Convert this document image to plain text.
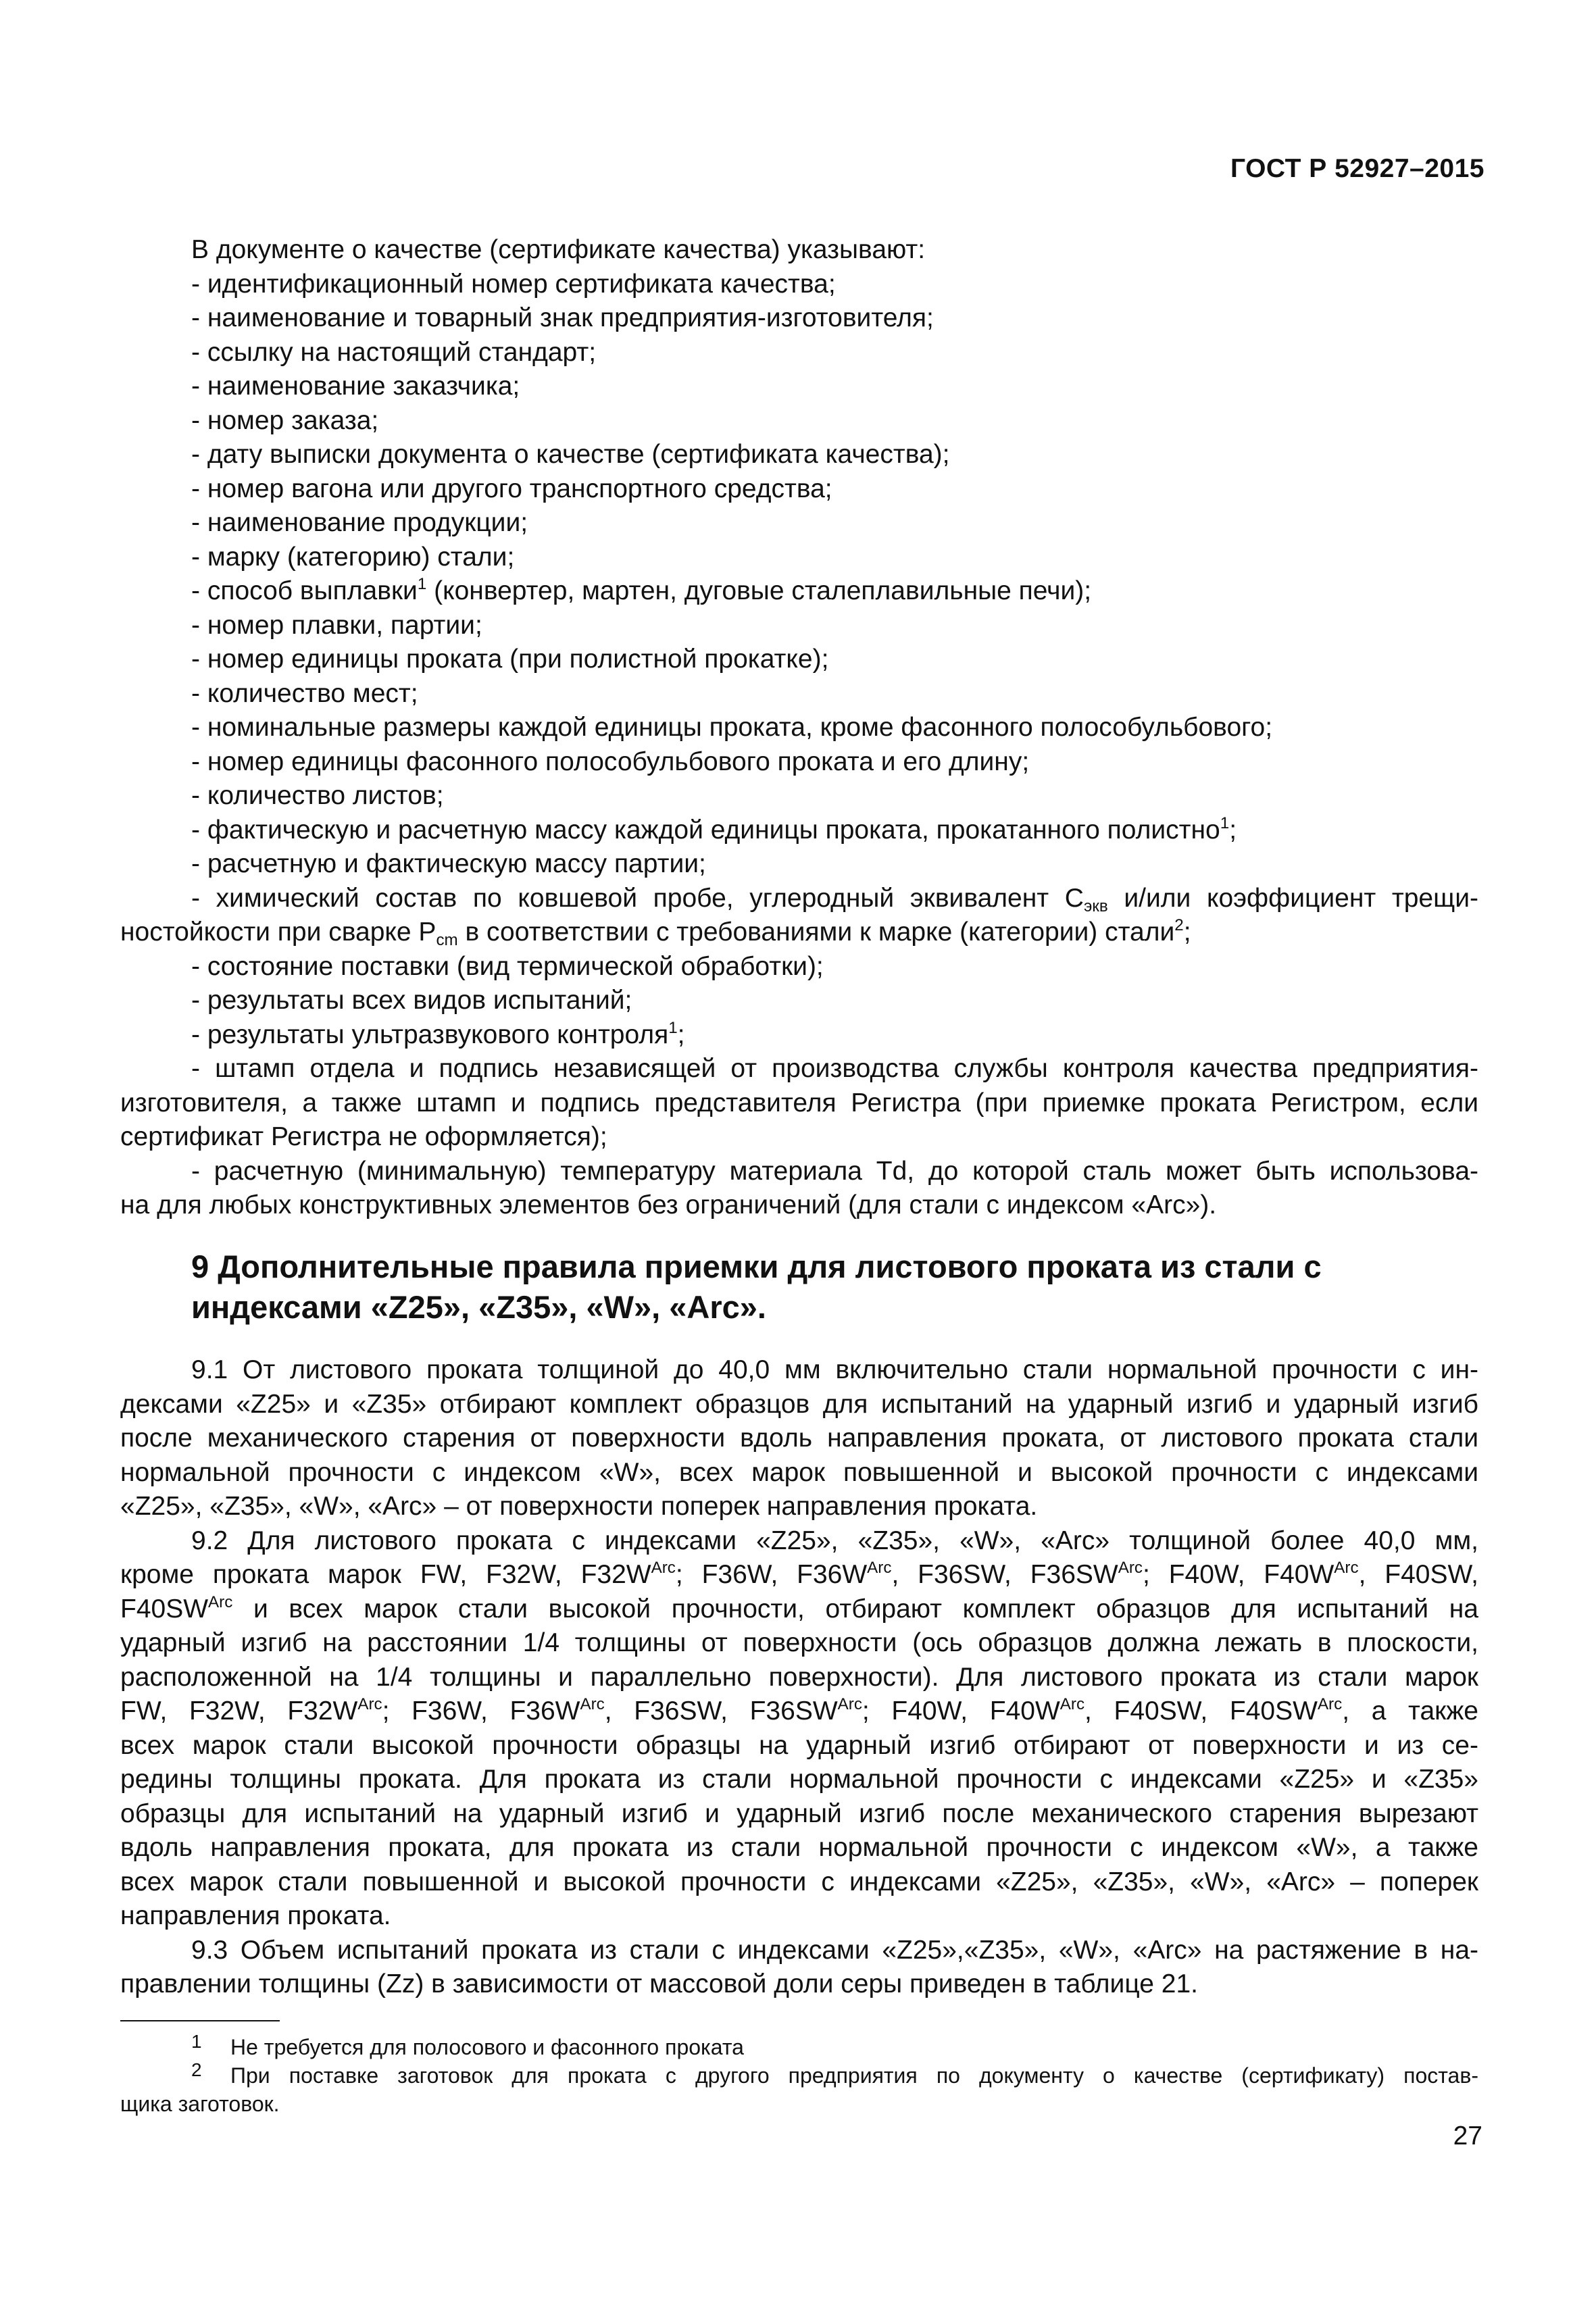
ГОСТ Р 52927–2015
В документе о качестве (сертификате качества) указывают:
- идентификационный номер сертификата качества;
- наименование и товарный знак предприятия-изготовителя;
- ссылку на настоящий стандарт;
- наименование заказчика;
- номер заказа;
- дату выписки документа о качестве (сертификата качества);
- номер вагона или другого транспортного средства;
- наименование продукции;
- марку (категорию) стали;
- способ выплавки$^1$ (конвертер, мартен, дуговые сталеплавильные печи);
- номер плавки, партии;
- номер единицы проката (при полистной прокатке);
- количество мест;
- номинальные размеры каждой единицы проката, кроме фасонного полособульбового;
- номер единицы фасонного полособульбового проката и его длину;
- количество листов;
- фактическую и расчетную массу каждой единицы проката, прокатанного полистно$^1$;
- расчетную и фактическую массу партии;
- химический состав по ковшевой пробе, углеродный эквивалент $C_{экв}$ и/или коэффициент трещи-
ностойкости при сварке $P_{cm}$ в соответствии с требованиями к марке (категории) стали$^2$;
- состояние поставки (вид термической обработки);
- результаты всех видов испытаний;
- результаты ультразвукового контроля$^1$;
- штамп отдела и подпись независящей от производства службы контроля качества предприятия-
изготовителя, а также штамп и подпись представителя Регистра (при приемке проката Регистром, если
сертификат Регистра не оформляется);
- расчетную (минимальную) температуру материала Td, до которой сталь может быть использова-
на для любых конструктивных элементов без ограничений (для стали с индексом «Arc»).
9 Дополнительные правила приемки для листового проката из стали с
индексами «Z25», «Z35», «W», «Arc».
9.1 От листового проката толщиной до 40,0 мм включительно стали нормальной прочности с ин-
дексами «Z25» и «Z35» отбирают комплект образцов для испытаний на ударный изгиб и ударный изгиб
после механического старения от поверхности вдоль направления проката, от листового проката стали
нормальной прочности с индексом «W», всех марок повышенной и высокой прочности с индексами
«Z25», «Z35», «W», «Arc» – от поверхности поперек направления проката.
9.2 Для листового проката с индексами «Z25», «Z35», «W», «Arc» толщиной более 40,0 мм,
кроме проката марок FW, F32W, $F32W^{Arc}$; F36W, $F36W^{Arc}$, F36SW, $F36SW^{Arc}$; F40W, $F40W^{Arc}$, F40SW,
$F40SW^{Arc}$ и всех марок стали высокой прочности, отбирают комплект образцов для испытаний на
ударный изгиб на расстоянии 1/4 толщины от поверхности (ось образцов должна лежать в плоскости,
расположенной на 1/4 толщины и параллельно поверхности). Для листового проката из стали марок
FW, F32W, $F32W^{Arc}$; F36W, $F36W^{Arc}$, F36SW, $F36SW^{Arc}$; F40W, $F40W^{Arc}$, F40SW, $F40SW^{Arc}$, а также
всех марок стали высокой прочности образцы на ударный изгиб отбирают от поверхности и из се-
редины толщины проката. Для проката из стали нормальной прочности с индексами «Z25» и «Z35»
образцы для испытаний на ударный изгиб и ударный изгиб после механического старения вырезают
вдоль направления проката, для проката из стали нормальной прочности с индексом «W», а также
всех марок стали повышенной и высокой прочности с индексами «Z25», «Z35», «W», «Arc» – поперек
направления проката.
9.3 Объем испытаний проката из стали с индексами «Z25»,«Z35», «W», «Arc» на растяжение в на-
правлении толщины (Zz) в зависимости от массовой доли серы приведен в таблице 21.
1 Не требуется для полосового и фасонного проката
2 При поставке заготовок для проката с другого предприятия по документу о качестве (сертификату) постав-
щика заготовок.
27
